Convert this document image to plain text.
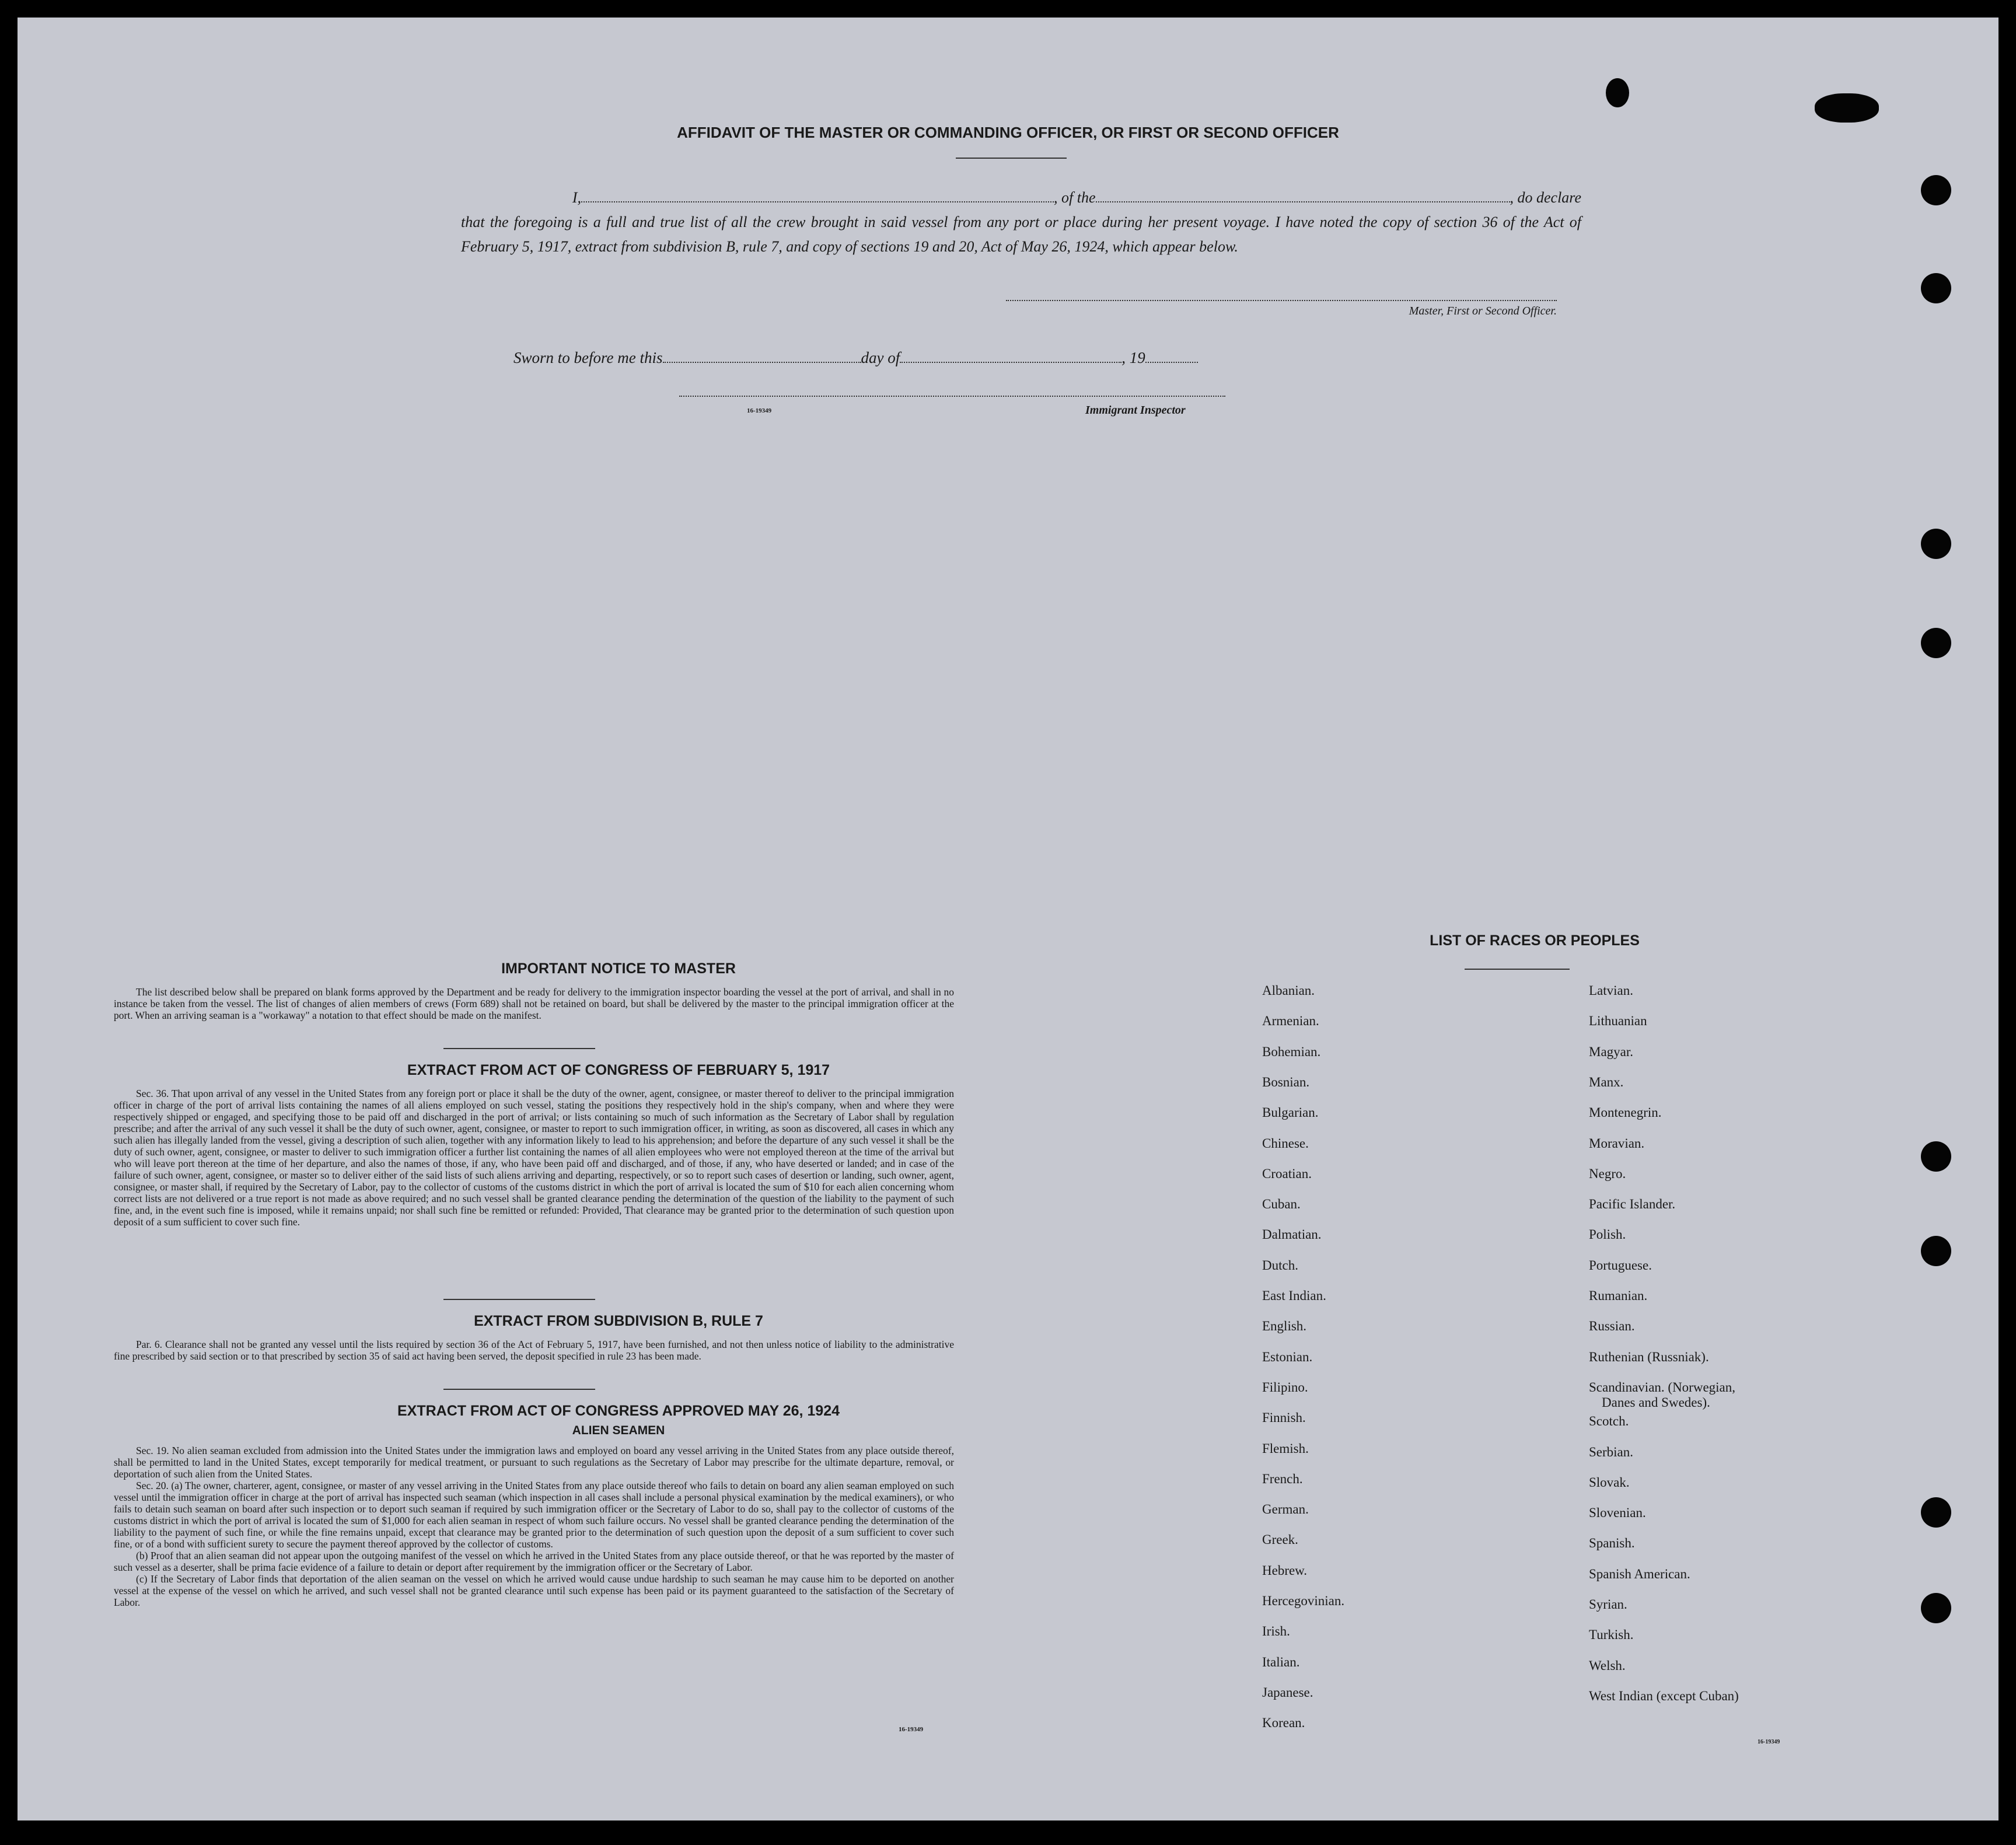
AFFIDAVIT OF THE MASTER OR COMMANDING OFFICER, OR FIRST OR SECOND OFFICER
I,	, of the	, do declare
that the foregoing is a full and true list of all the crew brought in said vessel from any port or place during her present voyage. I have noted the copy of section 36 of the Act of February 5, 1917, extract from subdivision B, rule 7, and copy of sections 19 and 20, Act of May 26, 1924, which appear below.
Master, First or Second Officer.
Sworn to before me this	day of	, 19
16-19349	Immigrant Inspector
IMPORTANT NOTICE TO MASTER

The list described below shall be prepared on blank forms approved by the Department and be ready for delivery to the immigration inspector boarding the vessel at the port of arrival, and shall in no instance be taken from the vessel. The list of changes of alien members of crews (Form 689) shall not be retained on board, but shall be delivered by the master to the principal immigration officer at the port. When an arriving seaman is a "workaway" a notation to that effect should be made on the manifest.

EXTRACT FROM ACT OF CONGRESS OF FEBRUARY 5, 1917

Sec. 36. That upon arrival of any vessel in the United States from any foreign port or place it shall be the duty of the owner, agent, consignee, or master thereof to deliver to the principal immigration officer in charge of the port of arrival lists containing the names of all aliens employed on such vessel, stating the positions they respectively hold in the ship's company, when and where they were respectively shipped or engaged, and specifying those to be paid off and discharged in the port of arrival; or lists containing so much of such information as the Secretary of Labor shall by regulation prescribe; and after the arrival of any such vessel it shall be the duty of such owner, agent, consignee, or master to report to such immigration officer, in writing, as soon as discovered, all cases in which any such alien has illegally landed from the vessel, giving a description of such alien, together with any information likely to lead to his apprehension; and before the departure of any such vessel it shall be the duty of such owner, agent, consignee, or master to deliver to such immigration officer a further list containing the names of all alien employees who were not employed thereon at the time of the arrival but who will leave port thereon at the time of her departure, and also the names of those, if any, who have been paid off and discharged, and of those, if any, who have deserted or landed; and in case of the failure of such owner, agent, consignee, or master so to deliver either of the said lists of such aliens arriving and departing, respectively, or so to report such cases of desertion or landing, such owner, agent, consignee, or master shall, if required by the Secretary of Labor, pay to the collector of customs of the customs district in which the port of arrival is located the sum of $10 for each alien concerning whom correct lists are not delivered or a true report is not made as above required; and no such vessel shall be granted clearance pending the determination of the question of the liability to the payment of such fine, and, in the event such fine is imposed, while it remains unpaid; nor shall such fine be remitted or refunded: Provided, That clearance may be granted prior to the determination of such question upon deposit of a sum sufficient to cover such fine.

EXTRACT FROM SUBDIVISION B, RULE 7

Par. 6. Clearance shall not be granted any vessel until the lists required by section 36 of the Act of February 5, 1917, have been furnished, and not then unless notice of liability to the administrative fine prescribed by said section or to that prescribed by section 35 of said act having been served, the deposit specified in rule 23 has been made.

EXTRACT FROM ACT OF CONGRESS APPROVED MAY 26, 1924
ALIEN SEAMEN

Sec. 19. No alien seaman excluded from admission into the United States under the immigration laws and employed on board any vessel arriving in the United States from any place outside thereof, shall be permitted to land in the United States, except temporarily for medical treatment, or pursuant to such regulations as the Secretary of Labor may prescribe for the ultimate departure, removal, or deportation of such alien from the United States.

Sec. 20. (a) The owner, charterer, agent, consignee, or master of any vessel arriving in the United States from any place outside thereof who fails to detain on board any alien seaman employed on such vessel until the immigration officer in charge at the port of arrival has inspected such seaman (which inspection in all cases shall include a personal physical examination by the medical examiners), or who fails to detain such seaman on board after such inspection or to deport such seaman if required by such immigration officer or the Secretary of Labor to do so, shall pay to the collector of customs of the customs district in which the port of arrival is located the sum of $1,000 for each alien seaman in respect of whom such failure occurs. No vessel shall be granted clearance pending the determination of the liability to the payment of such fine, or while the fine remains unpaid, except that clearance may be granted prior to the determination of such question upon the deposit of a sum sufficient to cover such fine, or of a bond with sufficient surety to secure the payment thereof approved by the collector of customs.

(b) Proof that an alien seaman did not appear upon the outgoing manifest of the vessel on which he arrived in the United States from any place outside thereof, or that he was reported by the master of such vessel as a deserter, shall be prima facie evidence of a failure to detain or deport after requirement by the immigration officer or the Secretary of Labor.

(c) If the Secretary of Labor finds that deportation of the alien seaman on the vessel on which he arrived would cause undue hardship to such seaman he may cause him to be deported on another vessel at the expense of the vessel on which he arrived, and such vessel shall not be granted clearance until such expense has been paid or its payment guaranteed to the satisfaction of the Secretary of Labor.

16-19349
LIST OF RACES OR PEOPLES
16-19349
Albanian.
Armenian.
Bohemian.
Bosnian.
Bulgarian.
Chinese.
Croatian.
Cuban.
Dalmatian.
Dutch.
East Indian.
English.
Estonian.
Filipino.
Finnish.
Flemish.
French.
German.
Greek.
Hebrew.
Hercegovinian.
Irish.
Italian.
Japanese.
Korean.
Latvian.
Lithuanian
Magyar.
Manx.
Montenegrin.
Moravian.
Negro.
Pacific Islander.
Polish.
Portuguese.
Rumanian.
Russian.
Ruthenian (Russniak).
Scandinavian. (Norwegian,
Danes and Swedes).
Scotch.
Serbian.
Slovak.
Slovenian.
Spanish.
Spanish American.
Syrian.
Turkish.
Welsh.
West Indian (except Cuban)
